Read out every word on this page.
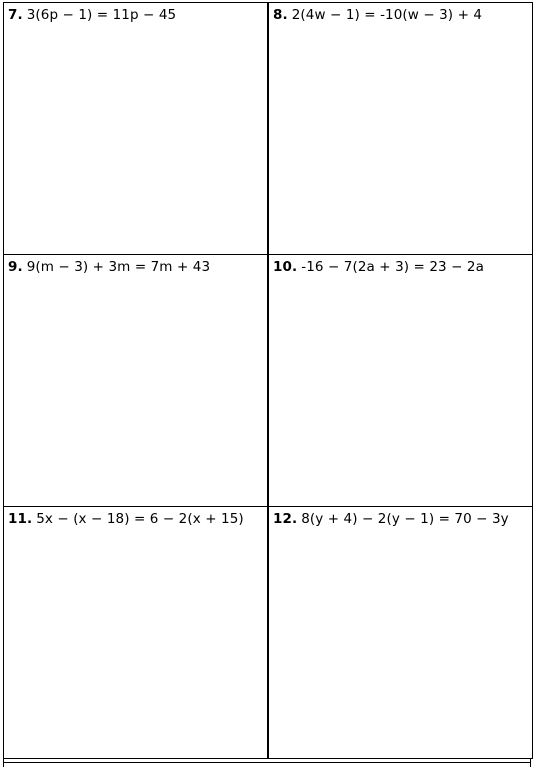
7. 3(6p − 1) = 11p − 45	8. 2(4w − 1) = -10(w − 3) + 4

9. 9(m − 3) + 3m = 7m + 43	10. -16 − 7(2a + 3) = 23 − 2a

11. 5x − (x − 18) = 6 − 2(x + 15)	12. 8(y + 4) − 2(y − 1) = 70 − 3y
